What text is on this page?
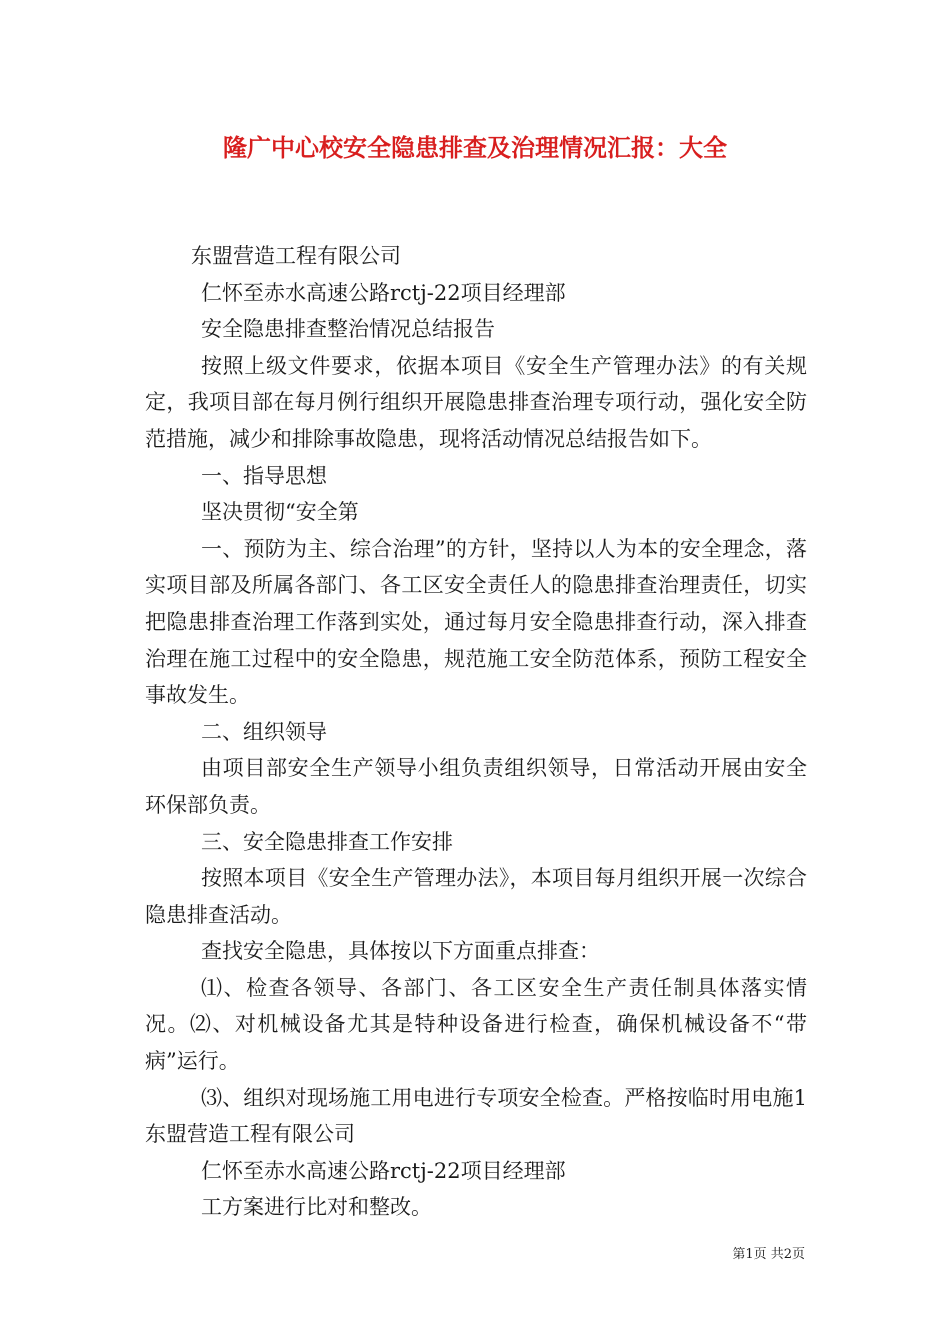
隆广中心校安全隐患排查及治理情况汇报：大全

东盟营造工程有限公司

仁怀至赤水高速公路rctj-22项目经理部

安全隐患排查整治情况总结报告

按照上级文件要求，依据本项目《安全生产管理办法》的有关规定，我项目部在每月例行组织开展隐患排查治理专项行动，强化安全防范措施，减少和排除事故隐患，现将活动情况总结报告如下。

一、指导思想

坚决贯彻“安全第

一、预防为主、综合治理”的方针，坚持以人为本的安全理念，落实项目部及所属各部门、各工区安全责任人的隐患排查治理责任，切实把隐患排查治理工作落到实处，通过每月安全隐患排查行动，深入排查治理在施工过程中的安全隐患，规范施工安全防范体系，预防工程安全事故发生。

二、组织领导

由项目部安全生产领导小组负责组织领导，日常活动开展由安全环保部负责。

三、安全隐患排查工作安排

按照本项目《安全生产管理办法》，本项目每月组织开展一次综合隐患排查活动。

查找安全隐患，具体按以下方面重点排查：

⑴、检查各领导、各部门、各工区安全生产责任制具体落实情况。⑵、对机械设备尤其是特种设备进行检查，确保机械设备不“带病”运行。

⑶、组织对现场施工用电进行专项安全检查。严格按临时用电施1东盟营造工程有限公司

仁怀至赤水高速公路rctj-22项目经理部

工方案进行比对和整改。

第1页 共2页
